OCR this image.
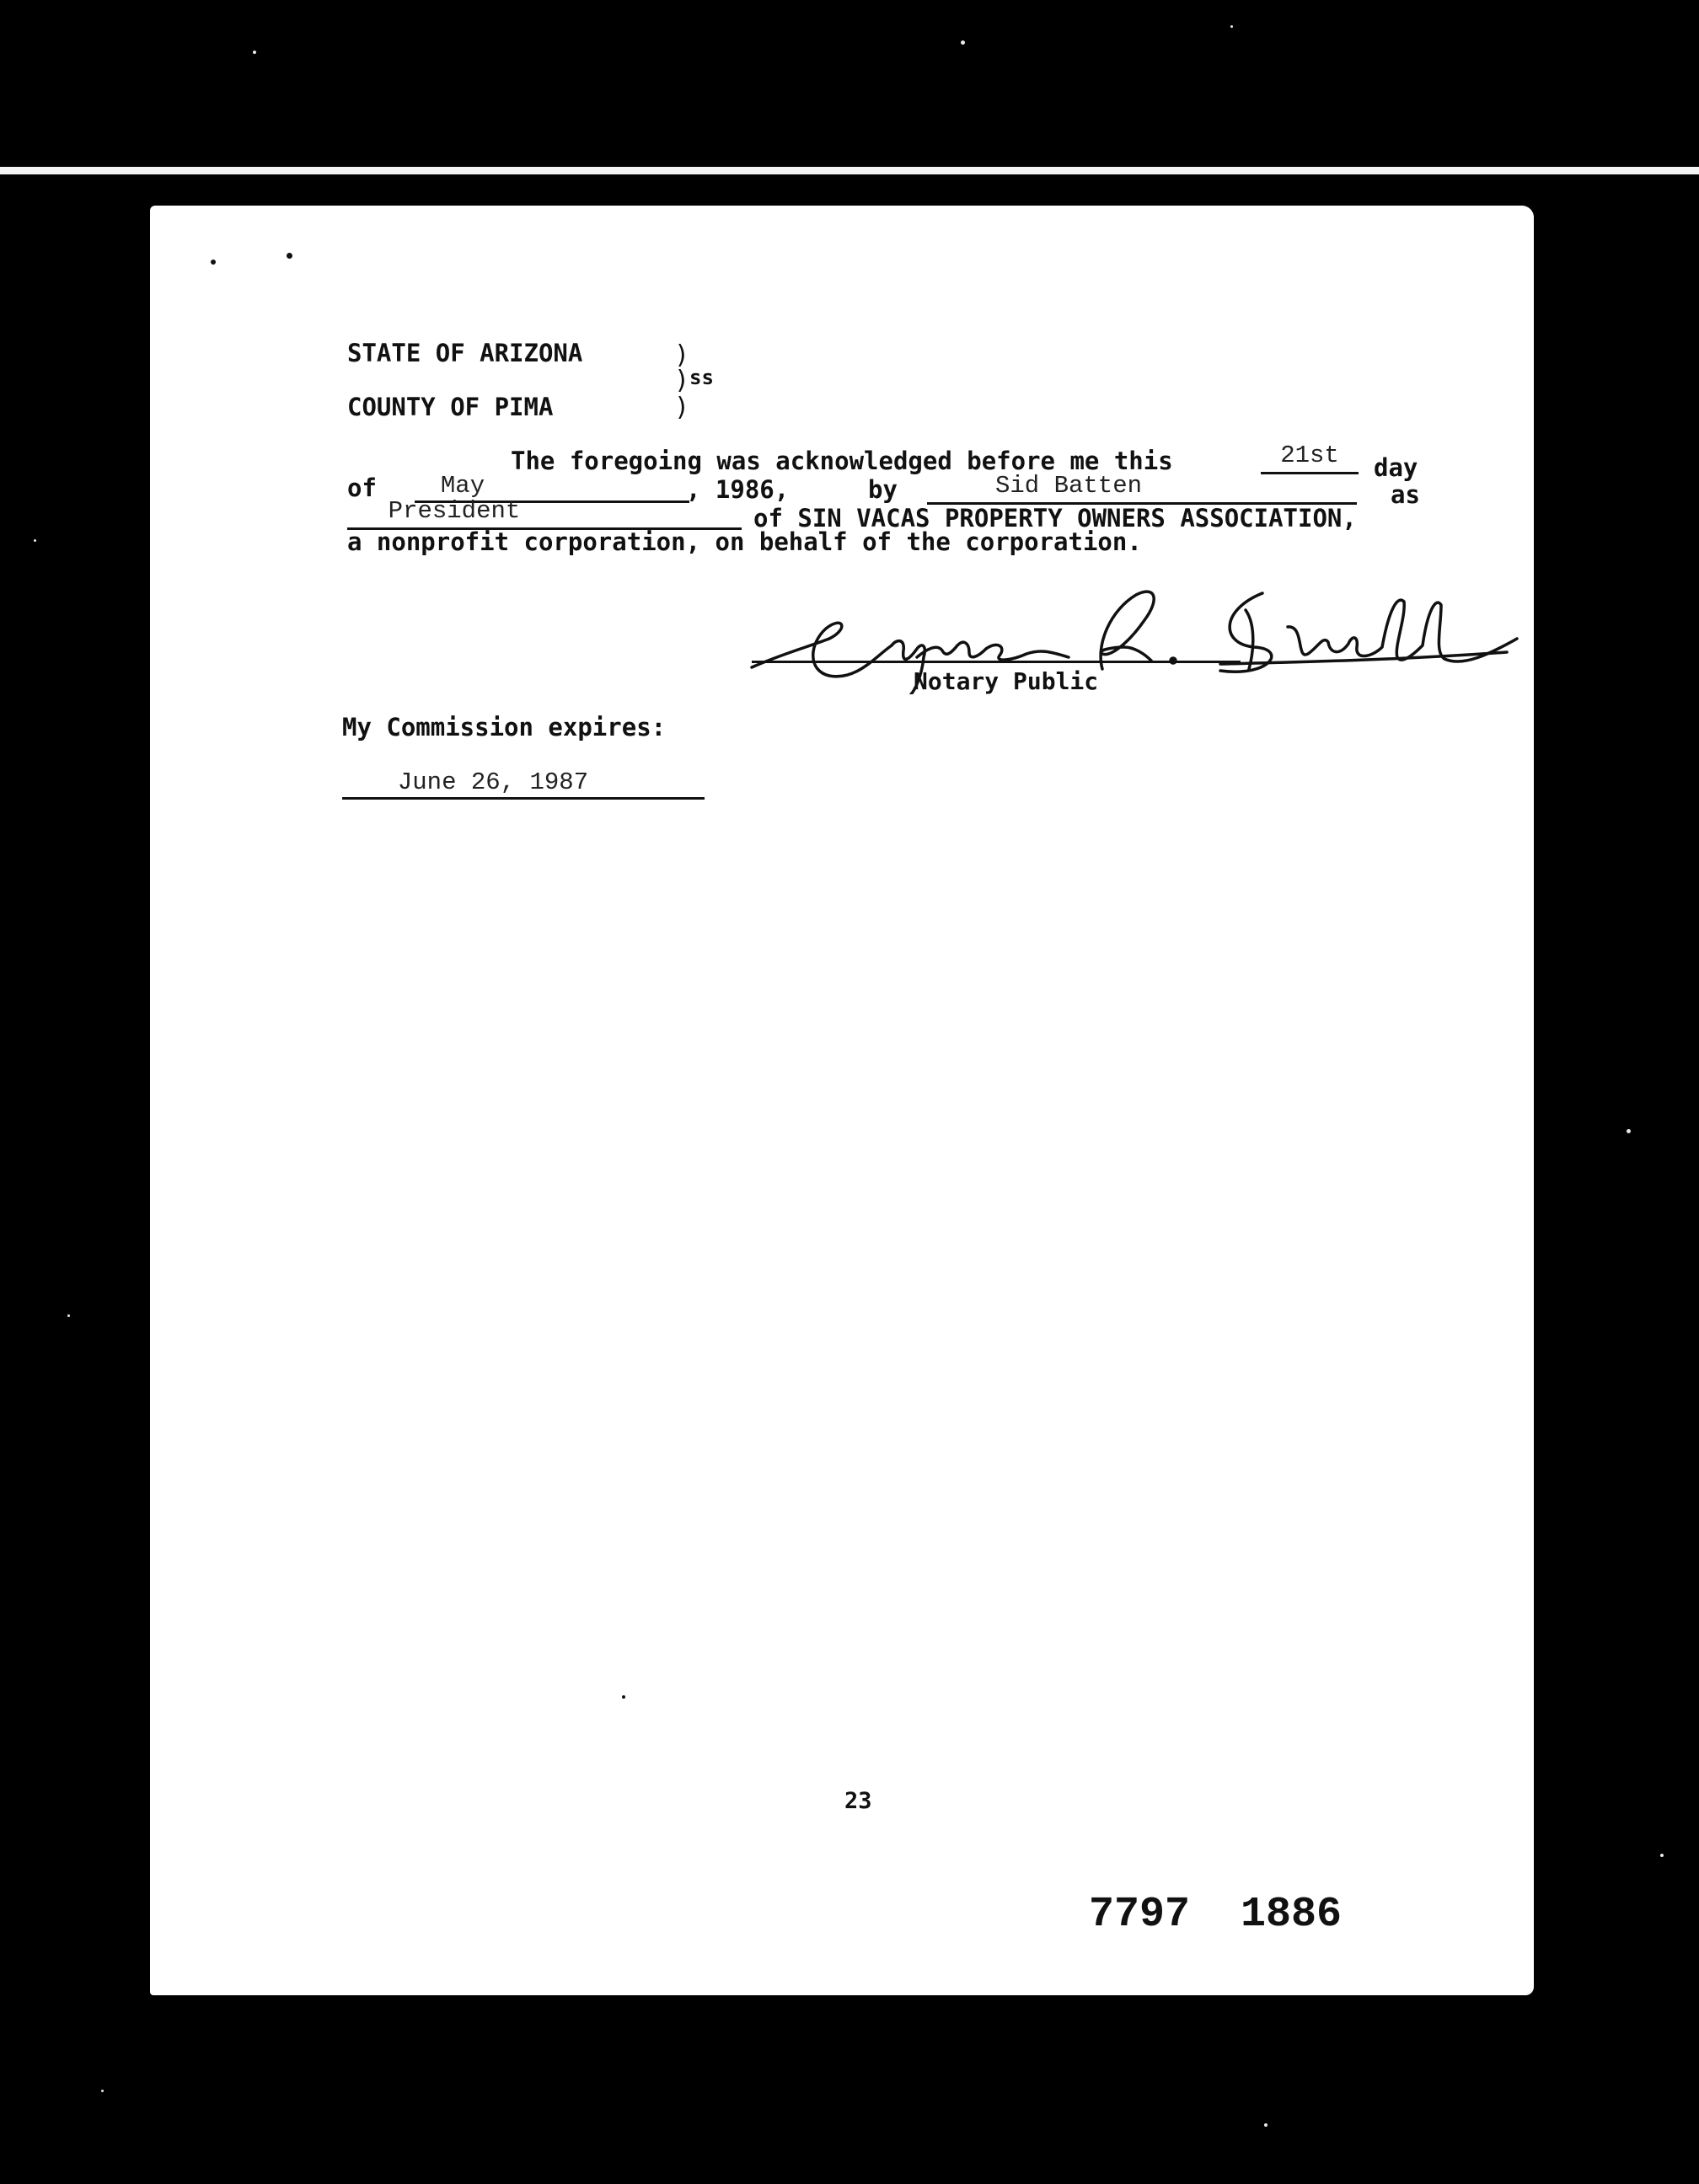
STATE OF ARIZONA	)
) ss
COUNTY OF PIMA	)
The foregoing was acknowledged before me this	21st	day
of	May	, 1986,	by	Sid Batten	as
President	of SIN VACAS PROPERTY OWNERS ASSOCIATION,
a nonprofit corporation, on behalf of the corporation.
Notary Public
My Commission expires:
June 26, 1987
23
7797  1886
